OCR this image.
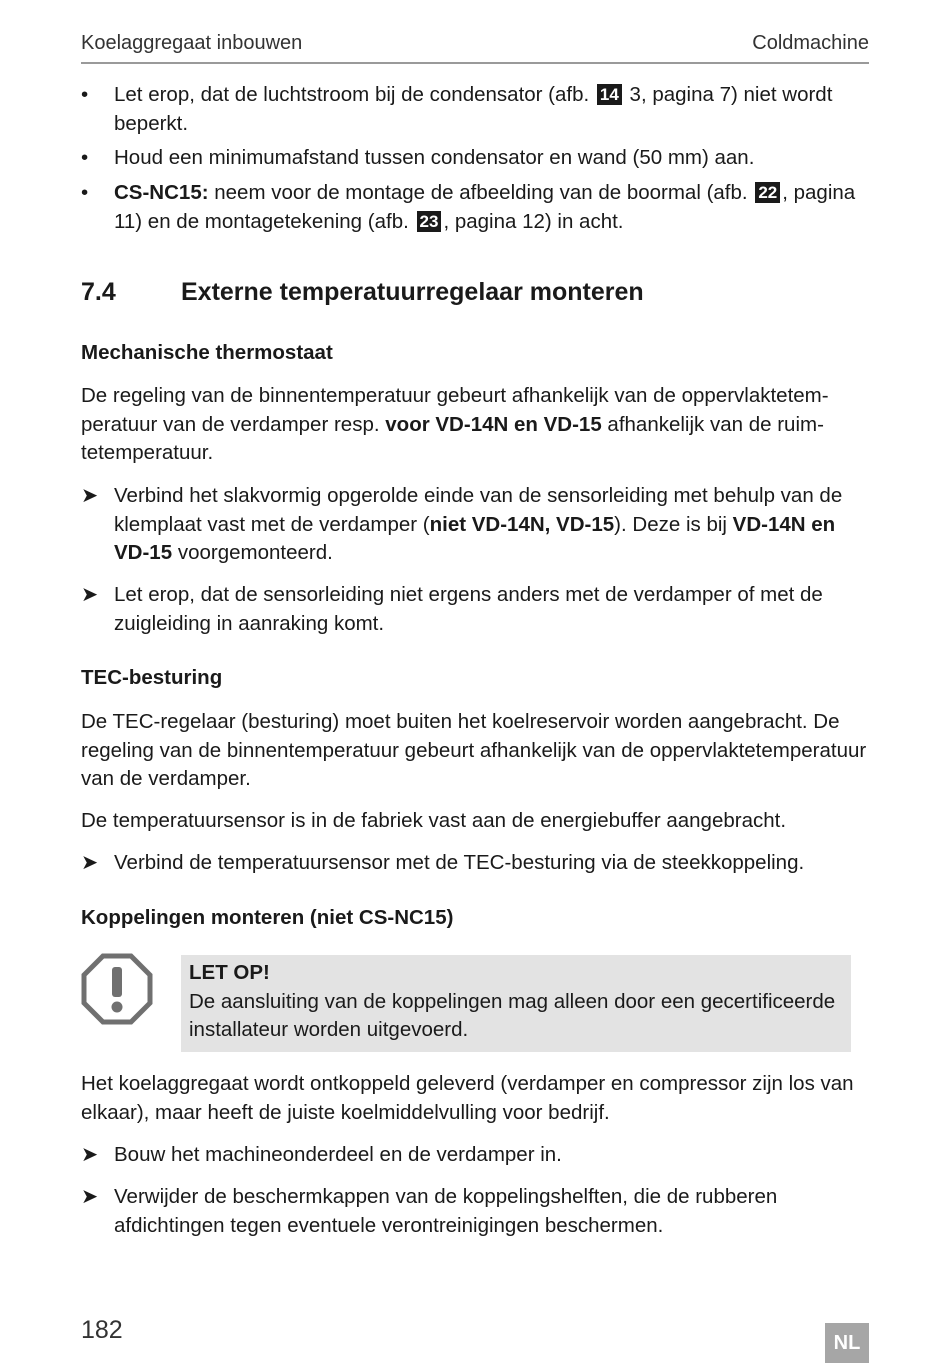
Koelaggregaat inbouwen	Coldmachine
•	Let erop, dat de luchtstroom bij de condensator (afb. 14 3, pagina 7) niet wordt beperkt.
•	Houd een minimumafstand tussen condensator en wand (50 mm) aan.
•	CS-NC15: neem voor de montage de afbeelding van de boormal (afb. 22 , pagina 11) en de montagetekening (afb. 23 , pagina 12) in acht.
7.4	Externe temperatuurregelaar monteren
Mechanische thermostaat
De regeling van de binnentemperatuur gebeurt afhankelijk van de oppervlaktetemperatuur van de verdamper resp. voor VD-14N en VD-15 afhankelijk van de ruimtetemperatuur.
➤ Verbind het slakvormig opgerolde einde van de sensorleiding met behulp van de klemplaat vast met de verdamper (niet VD-14N, VD-15). Deze is bij VD-14N en VD-15 voorgemonteerd.
➤ Let erop, dat de sensorleiding niet ergens anders met de verdamper of met de zuigleiding in aanraking komt.
TEC-besturing
De TEC-regelaar (besturing) moet buiten het koelreservoir worden aangebracht. De regeling van de binnentemperatuur gebeurt afhankelijk van de oppervlaktetemperatuur van de verdamper.
De temperatuursensor is in de fabriek vast aan de energiebuffer aangebracht.
➤ Verbind de temperatuursensor met de TEC-besturing via de steekkoppeling.
Koppelingen monteren (niet CS-NC15)
LET OP!
De aansluiting van de koppelingen mag alleen door een gecertificeerde installateur worden uitgevoerd.
Het koelaggregaat wordt ontkoppeld geleverd (verdamper en compressor zijn los van elkaar), maar heeft de juiste koelmiddelvulling voor bedrijf.
➤ Bouw het machineonderdeel en de verdamper in.
➤ Verwijder de beschermkappen van de koppelingshelften, die de rubberen afdichtingen tegen eventuele verontreinigingen beschermen.
182	NL
